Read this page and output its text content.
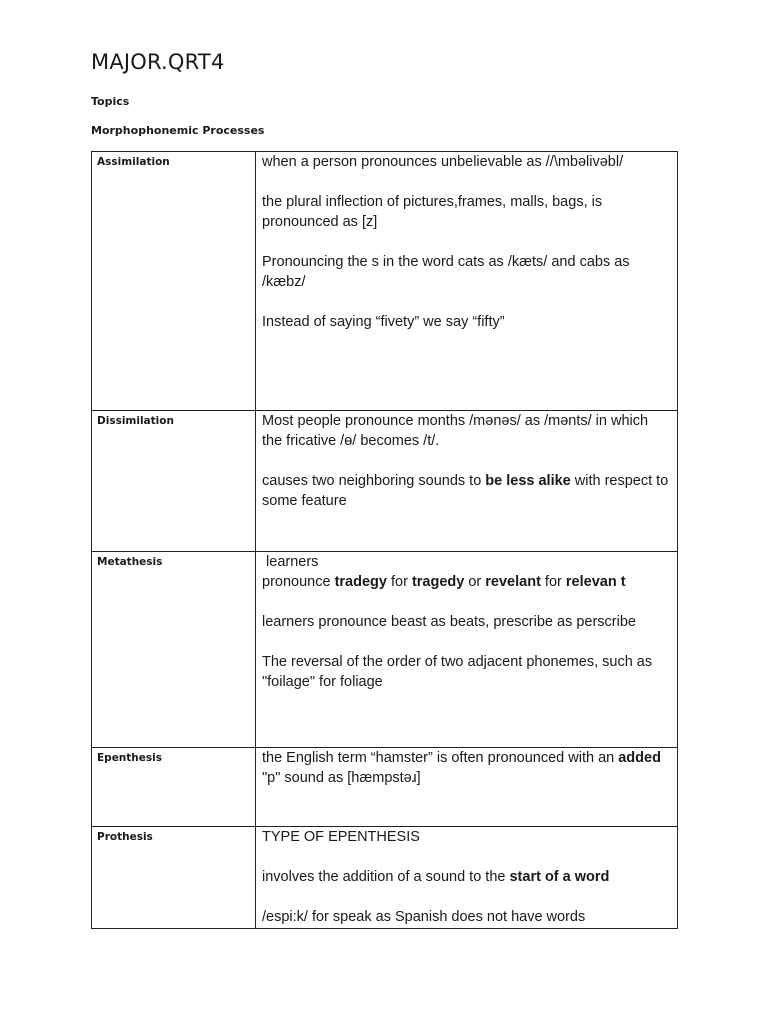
MAJOR.QRT4
Topics
Morphophonemic Processes
Assimilation	when a person pronounces unbelievable as //\mbəlivəbl/

the plural inflection of pictures,frames, malls, bags, is pronounced as [z]

Pronouncing the s in the word cats as /kæts/ and cabs as /kæbz/

Instead of saying “fivety” we say “fifty”

Dissimilation	Most people pronounce months /mənəs/ as /mənts/ in which the fricative /ɵ/ becomes /t/.

causes two neighboring sounds to be less alike with respect to some feature

Metathesis	learners

pronounce tradegy for tragedy or revelant for relevan t

learners pronounce beast as beats, prescribe as perscribe

The reversal of the order of two adjacent phonemes, such as "foilage" for foliage

Epenthesis	the English term “hamster” is often pronounced with an added "p" sound as [hæmpstəɹ]

Prothesis	TYPE OF EPENTHESIS

involves the addition of a sound to the start of a word

/espi:k/ for speak as Spanish does not have words
